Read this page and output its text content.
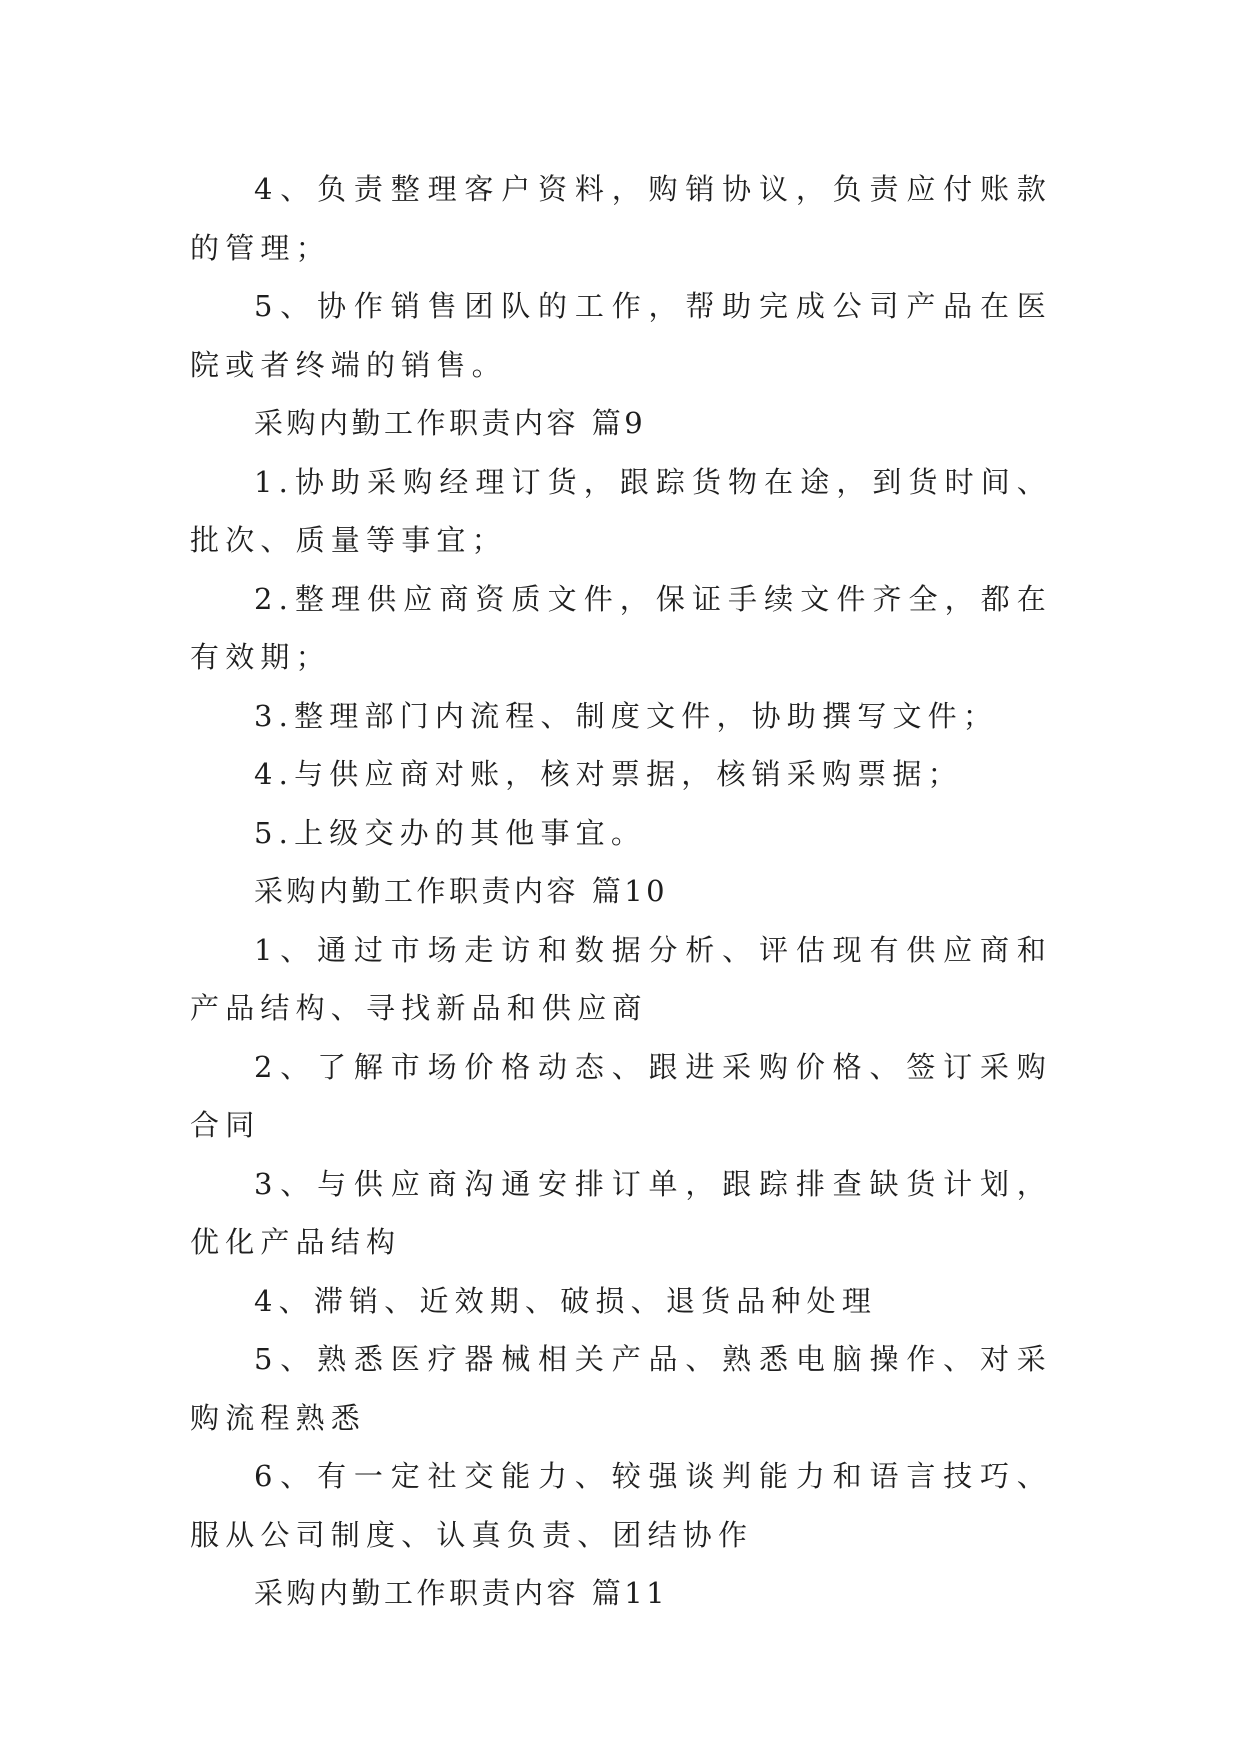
4、负责整理客户资料，购销协议，负责应付账款的管理；

5、协作销售团队的工作，帮助完成公司产品在医院或者终端的销售。

采购内勤工作职责内容 篇9

1.协助采购经理订货，跟踪货物在途，到货时间、批次、质量等事宜；

2.整理供应商资质文件，保证手续文件齐全，都在有效期；

3.整理部门内流程、制度文件，协助撰写文件；

4.与供应商对账，核对票据，核销采购票据；

5.上级交办的其他事宜。

采购内勤工作职责内容 篇10

1、通过市场走访和数据分析、评估现有供应商和产品结构、寻找新品和供应商

2、了解市场价格动态、跟进采购价格、签订采购合同

3、与供应商沟通安排订单，跟踪排查缺货计划，优化产品结构

4、滞销、近效期、破损、退货品种处理

5、熟悉医疗器械相关产品、熟悉电脑操作、对采购流程熟悉

6、有一定社交能力、较强谈判能力和语言技巧、服从公司制度、认真负责、团结协作

采购内勤工作职责内容 篇11
